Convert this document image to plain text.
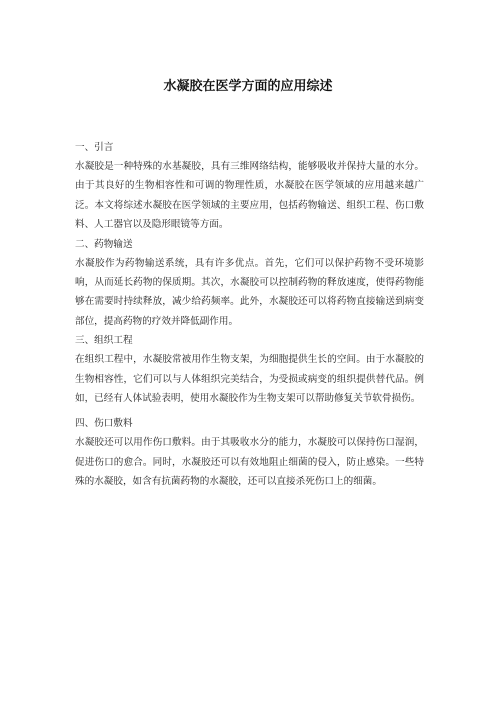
水凝胶在医学方面的应用综述

一、引言

水凝胶是一种特殊的水基凝胶，具有三维网络结构，能够吸收并保持大量的水分。由于其良好的生物相容性和可调的物理性质，水凝胶在医学领域的应用越来越广泛。本文将综述水凝胶在医学领域的主要应用，包括药物输送、组织工程、伤口敷料、人工器官以及隐形眼镜等方面。

二、药物输送

水凝胶作为药物输送系统，具有许多优点。首先，它们可以保护药物不受环境影响，从而延长药物的保质期。其次，水凝胶可以控制药物的释放速度，使得药物能够在需要时持续释放，减少给药频率。此外，水凝胶还可以将药物直接输送到病变部位，提高药物的疗效并降低副作用。

三、组织工程

在组织工程中，水凝胶常被用作生物支架，为细胞提供生长的空间。由于水凝胶的生物相容性，它们可以与人体组织完美结合，为受损或病变的组织提供替代品。例如，已经有人体试验表明，使用水凝胶作为生物支架可以帮助修复关节软骨损伤。

四、伤口敷料

水凝胶还可以用作伤口敷料。由于其吸收水分的能力，水凝胶可以保持伤口湿润，促进伤口的愈合。同时，水凝胶还可以有效地阻止细菌的侵入，防止感染。一些特殊的水凝胶，如含有抗菌药物的水凝胶，还可以直接杀死伤口上的细菌。
